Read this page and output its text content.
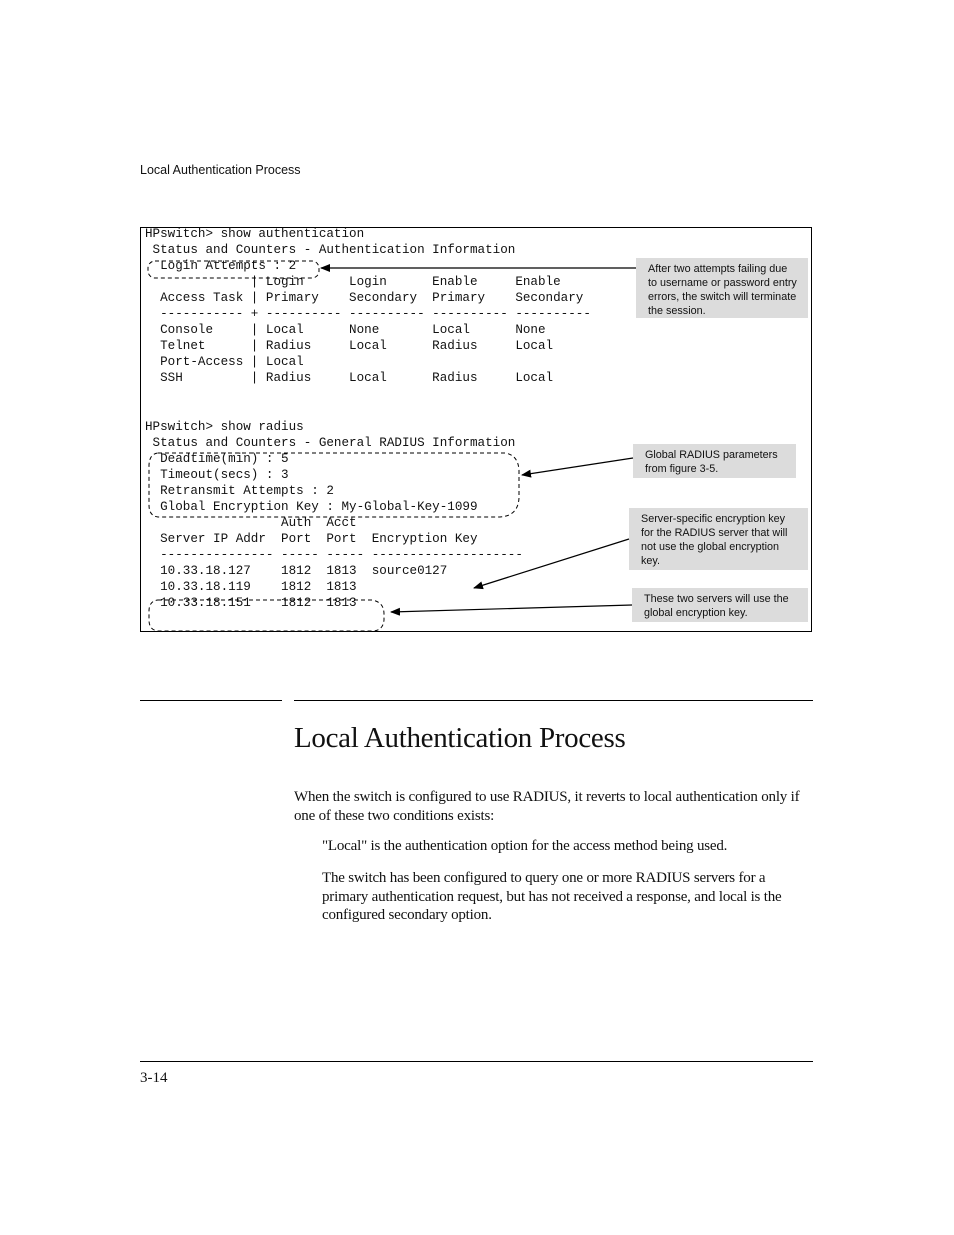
Local Authentication Process
HPswitch> show authentication
Status and Counters - Authentication Information
Login Attempts : 2
| Login      Login      Enable     Enable
Access Task | Primary    Secondary  Primary    Secondary
----------- + ---------- ---------- ---------- ----------
Console     | Local      None       Local      None
Telnet      | Radius     Local      Radius     Local
Port-Access | Local
SSH         | Radius     Local      Radius     Local
HPswitch> show radius
Status and Counters - General RADIUS Information
Deadtime(min) : 5
Timeout(secs) : 3
Retransmit Attempts : 2
Global Encryption Key : My-Global-Key-1099
Auth  Acct
Server IP Addr  Port  Port  Encryption Key
--------------- ----- ----- --------------------
10.33.18.127    1812  1813  source0127
10.33.18.119    1812  1813
10.33.18.151    1812  1813
After two attempts failing due to username or password entry errors, the switch will terminate the session.
Global RADIUS parameters from figure 3-5.
Server-specific encryption key for the RADIUS server that will not use the global encryption key.
These two servers will use the global encryption key.
Local Authentication Process
When the switch is configured to use RADIUS, it reverts to local authentication only if one of these two conditions exists:
"Local" is the authentication option for the access method being used.
The switch has been configured to query one or more RADIUS servers for a primary authentication request, but has not received a response, and local is the configured secondary option.
3-14
